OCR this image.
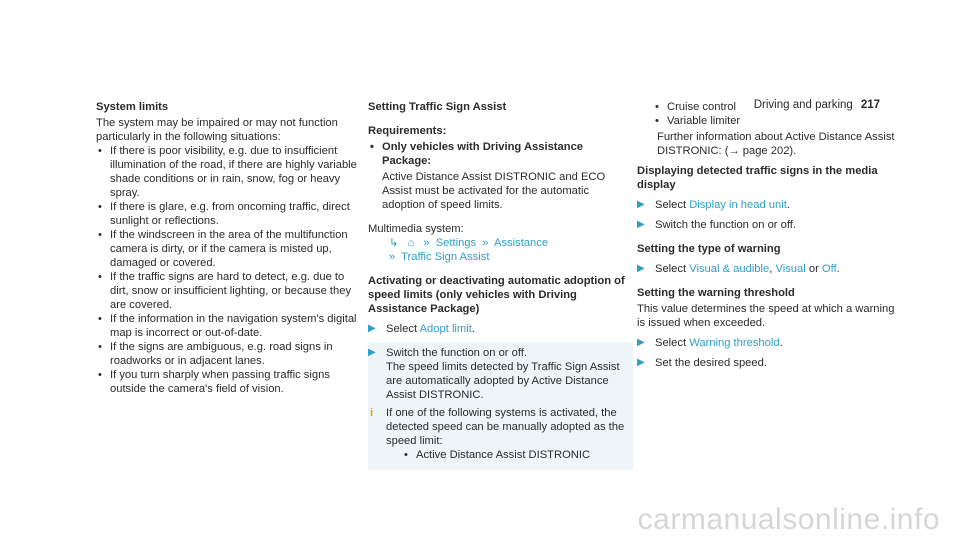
Driving and parking 217
System limits

The system may be impaired or may not function particularly in the following situations:

• If there is poor visibility, e.g. due to insufficient illumination of the road, if there are highly variable shade conditions or in rain, snow, fog or heavy spray.
• If there is glare, e.g. from oncoming traffic, direct sunlight or reflections.
• If the windscreen in the area of the multifunction camera is dirty, or if the camera is misted up, damaged or covered.
• If the traffic signs are hard to detect, e.g. due to dirt, snow or insufficient lighting, or because they are covered.
• If the information in the navigation system's digital map is incorrect or out-of-date.
• If the signs are ambiguous, e.g. road signs in roadworks or in adjacent lanes.
• If you turn sharply when passing traffic signs outside the camera's field of vision.
Setting Traffic Sign Assist
Requirements:
• Only vehicles with Driving Assistance Package:

Active Distance Assist DISTRONIC and ECO Assist must be activated for the automatic adoption of speed limits.

Multimedia system:

↳ ⌂ » Settings » Assistance
» Traffic Sign Assist
Activating or deactivating automatic adoption of speed limits (only vehicles with Driving Assistance Package)
▶ Select Adopt limit.
▶ Switch the function on or off.

The speed limits detected by Traffic Sign Assist are automatically adopted by Active Distance Assist DISTRONIC.

i If one of the following systems is activated, the detected speed can be manually adopted as the speed limit:

• Active Distance Assist DISTRONIC
• Cruise control
• Variable limiter

Further information about Active Distance Assist DISTRONIC: (→ page 202).

Displaying detected traffic signs in the media display
▶ Select Display in head unit.
▶ Switch the function on or off.
Setting the type of warning
▶ Select Visual & audible, Visual or Off.
Setting the warning threshold

This value determines the speed at which a warning is issued when exceeded.

▶ Select Warning threshold.
▶ Set the desired speed.
carmanualsonline.info
